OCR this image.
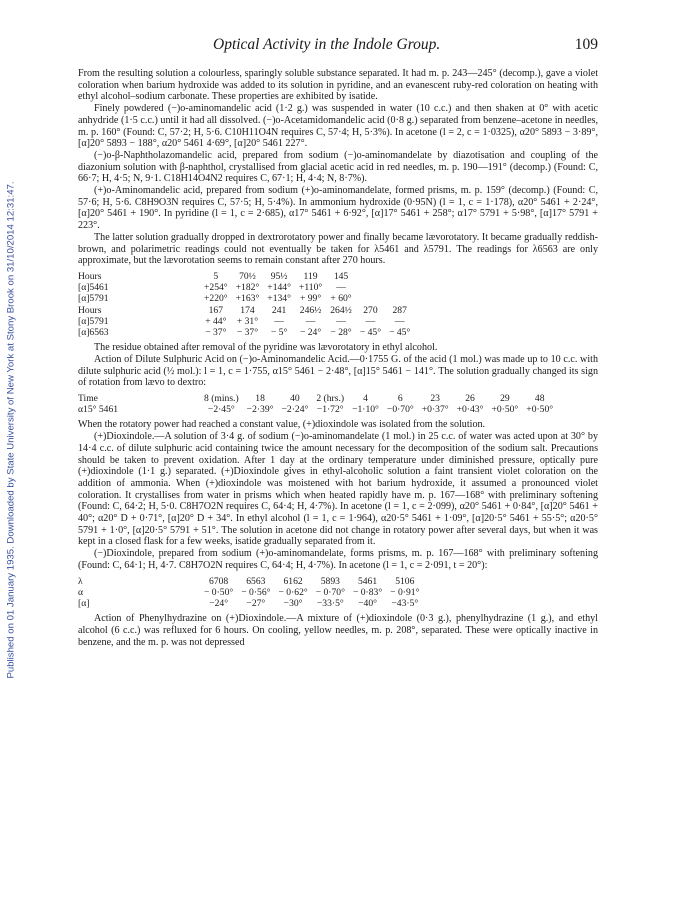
Published on 01 January 1935. Downloaded by State University of New York at Stony Brook on 31/10/2014 12:31:47.
Optical Activity in the Indole Group.	109

From the resulting solution a colourless, sparingly soluble substance separated. It had m. p. 243—245° (decomp.), gave a violet coloration when barium hydroxide was added to its solution in pyridine, and an evanescent ruby-red coloration on heating with ethyl alcohol–sodium carbonate. These properties are exhibited by isatide.

Finely powdered (−)o-aminomandelic acid (1·2 g.) was suspended in water (10 c.c.) and then shaken at 0° with acetic anhydride (1·5 c.c.) until it had all dissolved. (−)o-Acetamidomandelic acid (0·8 g.) separated from benzene–acetone in needles, m. p. 160° (Found: C, 57·2; H, 5·6. C10H11O4N requires C, 57·4; H, 5·3%). In acetone (l = 2, c = 1·0325), α20° 5893 − 3·89°, [α]20° 5893 − 188°, α20° 5461 4·69°, [α]20° 5461 227°.

(−)o-β-Naphtholazomandelic acid, prepared from sodium (−)o-aminomandelate by diazotisation and coupling of the diazonium solution with β-naphthol, crystallised from glacial acetic acid in red needles, m. p. 190—191° (decomp.) (Found: C, 66·7; H, 4·5; N, 9·1. C18H14O4N2 requires C, 67·1; H, 4·4; N, 8·7%).

(+)o-Aminomandelic acid, prepared from sodium (+)o-aminomandelate, formed prisms, m. p. 159° (decomp.) (Found: C, 57·6; H, 5·6. C8H9O3N requires C, 57·5; H, 5·4%). In ammonium hydroxide (0·95N) (l = 1, c = 1·178), α20° 5461 + 2·24°, [α]20° 5461 + 190°. In pyridine (l = 1, c = 2·685), α17° 5461 + 6·92°, [α]17° 5461 + 258°; α17° 5791 + 5·98°, [α]17° 5791 + 223°.

The latter solution gradually dropped in dextrorotatory power and finally became lævorotatory. It became gradually reddish-brown, and polarimetric readings could not eventually be taken for λ5461 and λ5791. The readings for λ6563 are only approximate, but the lævorotation seems to remain constant after 270 hours.

Hours	5	70½	95½	119	145		
[α]5461	+254°	+182°	+144°	+110°	—		
[α]5791	+220°	+163°	+134°	+ 99°	+ 60°		
Hours	167	174	241	246½	264½	270	287
[α]5791	+ 44°	+ 31°	—	—	—	—	—
[α]6563	− 37°	− 37°	− 5°	− 24°	− 28°	− 45°	− 45°

The residue obtained after removal of the pyridine was lævorotatory in ethyl alcohol.

Action of Dilute Sulphuric Acid on (−)o-Aminomandelic Acid.—0·1755 G. of the acid (1 mol.) was made up to 10 c.c. with dilute sulphuric acid (½ mol.): l = 1, c = 1·755, α15° 5461 − 2·48°, [α]15° 5461 − 141°. The solution gradually changed its sign of rotation from lævo to dextro:

Time	8 (mins.)	18	40	2 (hrs.)	4	6	23	26	29	48
α15° 5461	−2·45°	−2·39°	−2·24°	−1·72°	−1·10°	−0·70°	+0·37°	+0·43°	+0·50°	+0·50°

When the rotatory power had reached a constant value, (+)dioxindole was isolated from the solution.

(+)Dioxindole.—A solution of 3·4 g. of sodium (−)o-aminomandelate (1 mol.) in 25 c.c. of water was acted upon at 30° by 14·4 c.c. of dilute sulphuric acid containing twice the amount necessary for the decomposition of the sodium salt. Precautions should be taken to prevent oxidation. After 1 day at the ordinary temperature under diminished pressure, optically pure (+)dioxindole (1·1 g.) separated. (+)Dioxindole gives in ethyl-alcoholic solution a faint transient violet coloration on the addition of ammonia. When (+)dioxindole was moistened with hot barium hydroxide, it assumed a pronounced violet coloration. It crystallises from water in prisms which when heated rapidly have m. p. 167—168° with preliminary softening (Found: C, 64·2; H, 5·0. C8H7O2N requires C, 64·4; H, 4·7%). In acetone (l = 1, c = 2·099), α20° 5461 + 0·84°, [α]20° 5461 + 40°; α20° D + 0·71°, [α]20° D + 34°. In ethyl alcohol (l = 1, c = 1·964), α20·5° 5461 + 1·09°, [α]20·5° 5461 + 55·5°; α20·5° 5791 + 1·0°, [α]20·5° 5791 + 51°. The solution in acetone did not change in rotatory power after several days, but when it was kept in a closed flask for a few weeks, isatide gradually separated from it.

(−)Dioxindole, prepared from sodium (+)o-aminomandelate, forms prisms, m. p. 167—168° with preliminary softening (Found: C, 64·1; H, 4·7. C8H7O2N requires C, 64·4; H, 4·7%). In acetone (l = 1, c = 2·091, t = 20°):

λ	6708	6563	6162	5893	5461	5106
α	− 0·50°	− 0·56°	− 0·62°	− 0·70°	− 0·83°	− 0·91°
[α]	−24°	−27°	−30°	−33·5°	−40°	−43·5°

Action of Phenylhydrazine on (+)Dioxindole.—A mixture of (+)dioxindole (0·3 g.), phenylhydrazine (1 g.), and ethyl alcohol (6 c.c.) was refluxed for 6 hours. On cooling, yellow needles, m. p. 208°, separated. These were optically inactive in benzene, and the m. p. was not depressed
